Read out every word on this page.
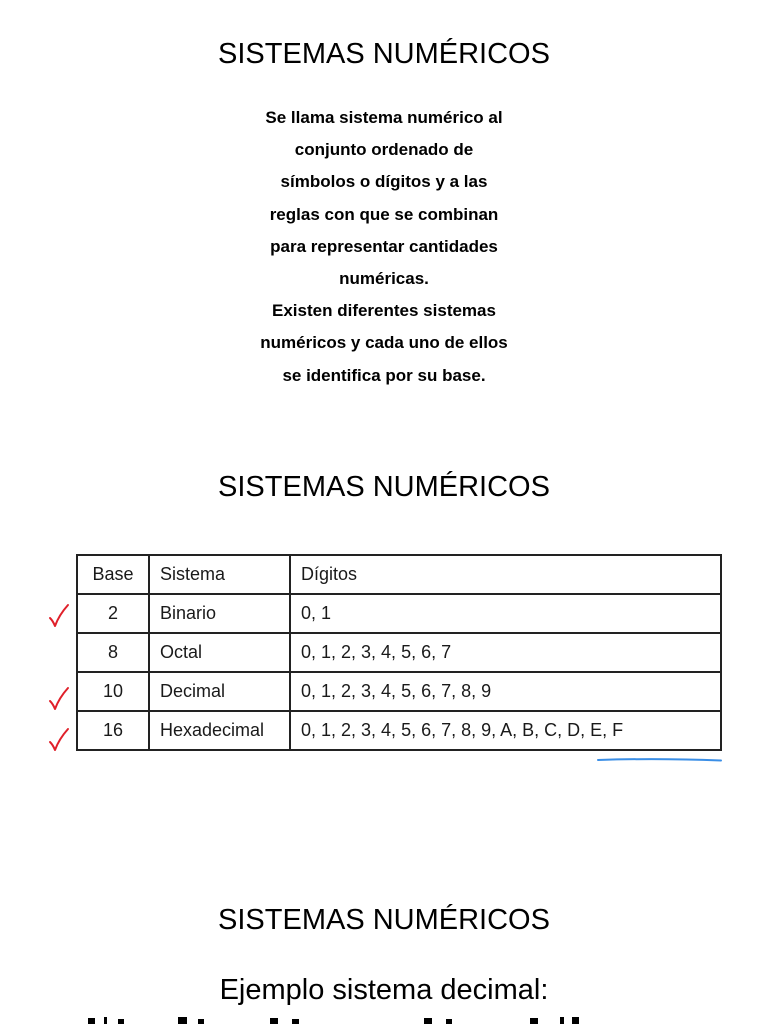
SISTEMAS NUMÉRICOS

Se llama sistema numérico al
conjunto ordenado de
símbolos o dígitos y a las
reglas con que se combinan
para representar cantidades
numéricas.
Existen diferentes sistemas
numéricos y cada uno de ellos
se identifica por su base.

SISTEMAS NUMÉRICOS
Base	Sistema	Dígitos
2	Binario	0, 1
8	Octal	0, 1, 2, 3, 4, 5, 6, 7
10	Decimal	0, 1, 2, 3, 4, 5, 6, 7, 8, 9
16	Hexadecimal	0, 1, 2, 3, 4, 5, 6, 7, 8, 9, A, B, C, D, E, F
SISTEMAS NUMÉRICOS

Ejemplo sistema decimal:
